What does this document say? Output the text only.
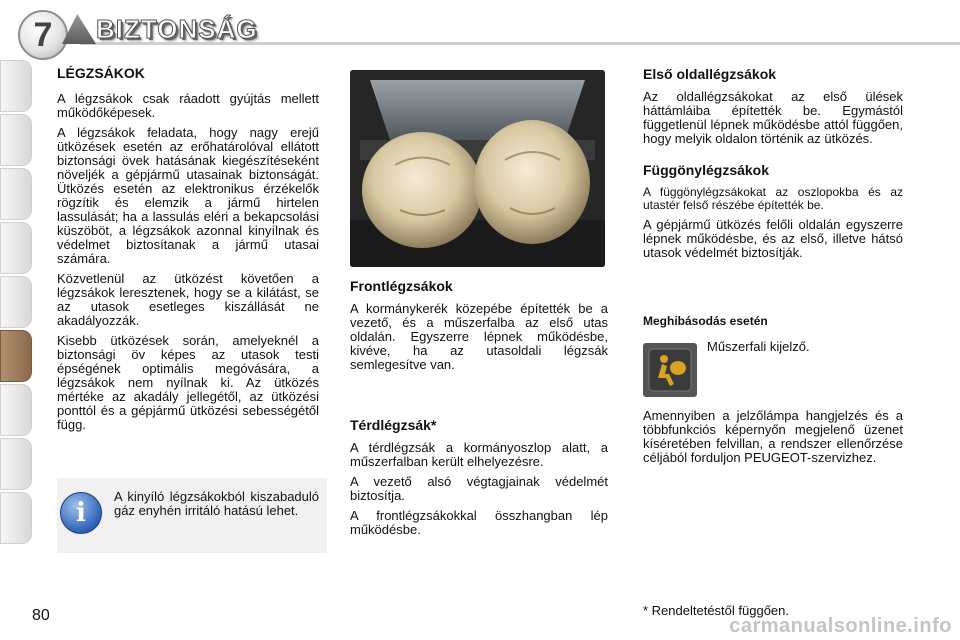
7	BIZTONSÁG
LÉGZSÁKOK

A légzsákok csak ráadott gyújtás mellett működőképesek.

A légzsákok feladata, hogy nagy erejű ütközések esetén az erőhatárolóval ellátott biztonsági övek hatásának kiegészítéseként növeljék a gépjármű utasainak biztonságát. Ütközés esetén az elektronikus érzékelők rögzítik és elemzik a jármű hirtelen lassulását; ha a lassulás eléri a bekapcsolási küszöböt, a légzsákok azonnal kinyílnak és védelmet biztosítanak a jármű utasai számára.

Közvetlenül az ütközést követően a légzsákok leresztenek, hogy se a kilátást, se az utasok esetleges kiszállását ne akadályozzák.

Kisebb ütközések során, amelyeknél a biztonsági öv képes az utasok testi épségének optimális megóvására, a légzsákok nem nyílnak ki. Az ütközés mértéke az akadály jellegétől, az ütközési ponttól és a gépjármű ütközési sebességétől függ.

i

A kinyíló légzsákokból kiszabaduló gáz enyhén irritáló hatású lehet.

Frontlégzsákok

A kormánykerék közepébe építették be a vezető, és a műszerfalba az első utas oldalán. Egyszerre lépnek működésbe, kivéve, ha az utasoldali légzsák semlegesítve van.

Térdlégzsák*

A térdlégzsák a kormányoszlop alatt, a műszerfalban került elhelyezésre.

A vezető alsó végtagjainak védelmét biztosítja.

A frontlégzsákokkal összhangban lép működésbe.

Első oldallégzsákok

Az oldallégzsákokat az első ülések háttámláiba építették be. Egymástól függetlenül lépnek működésbe attól függően, hogy melyik oldalon történik az ütközés.

Függönylégzsákok

A függönylégzsákokat az oszlopokba és az utastér felső részébe építették be.

A gépjármű ütközés felőli oldalán egyszerre lépnek működésbe, és az első, illetve hátsó utasok védelmét biztosítják.

Meghibásodás esetén

Műszerfali kijelző.

Amennyiben a jelzőlámpa hangjelzés és a többfunkciós képernyőn megjelenő üzenet kíséretében felvillan, a rendszer ellenőrzése céljából forduljon PEUGEOT-szervizhez.

80	* Rendeltetéstől függően.
carmanualsonline.info
